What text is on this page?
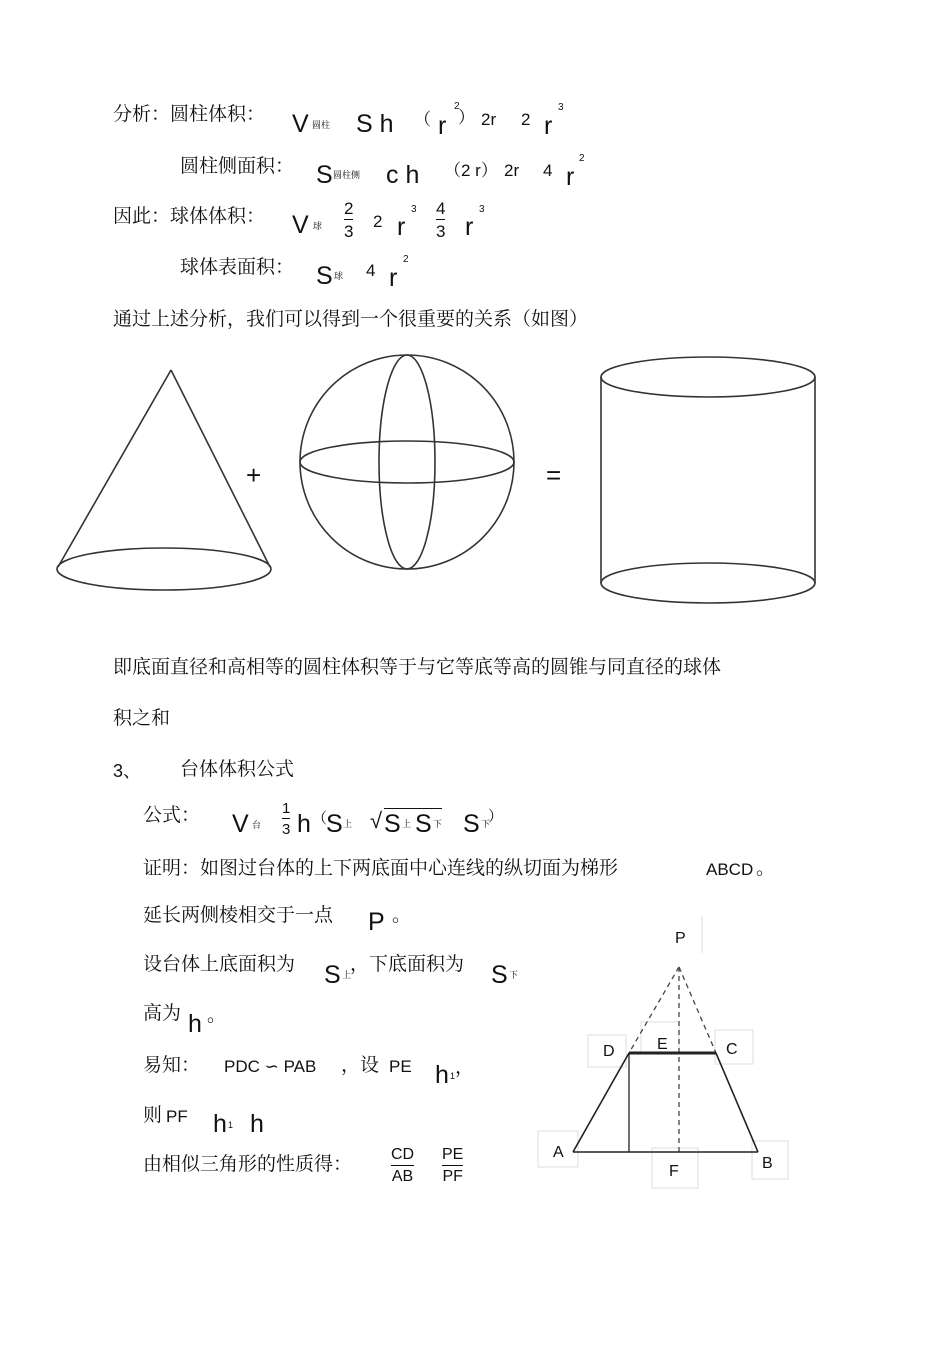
分析：圆柱体积： V 圆柱 S h （ r
2
） 2r 2 r
3
圆柱侧面积： S 圆柱侧 c h （2 r） 2r 4 r
2
因此：球体体积： V 球
2
3
2 r
3 4
3 r
3
球体表面积： S 球 4 r
2
通过上述分析，我们可以得到一个很重要的关系（如图）
+	=
即底面直径和高相等的圆柱体积等于与它等底等高的圆锥与同直径的球体
积之和
3、 台体体积公式
公式： V 台
1
3 h （
S 上 √ S 上 S 下 S 下
）
证明：如图过台体的上下两底面中心连线的纵切面为梯形	ABCD 。
延长两侧棱相交于一点 P 。
设台体上底面积为 S 上
，下底面积为 S 下
高为 h 。
易知： PDC ∽ PAB ，设 PE h 1 ，
则 PF h 1 h
由相似三角形的性质得： CD
AB
PE
PF
P
D	E	C
A
F	B
